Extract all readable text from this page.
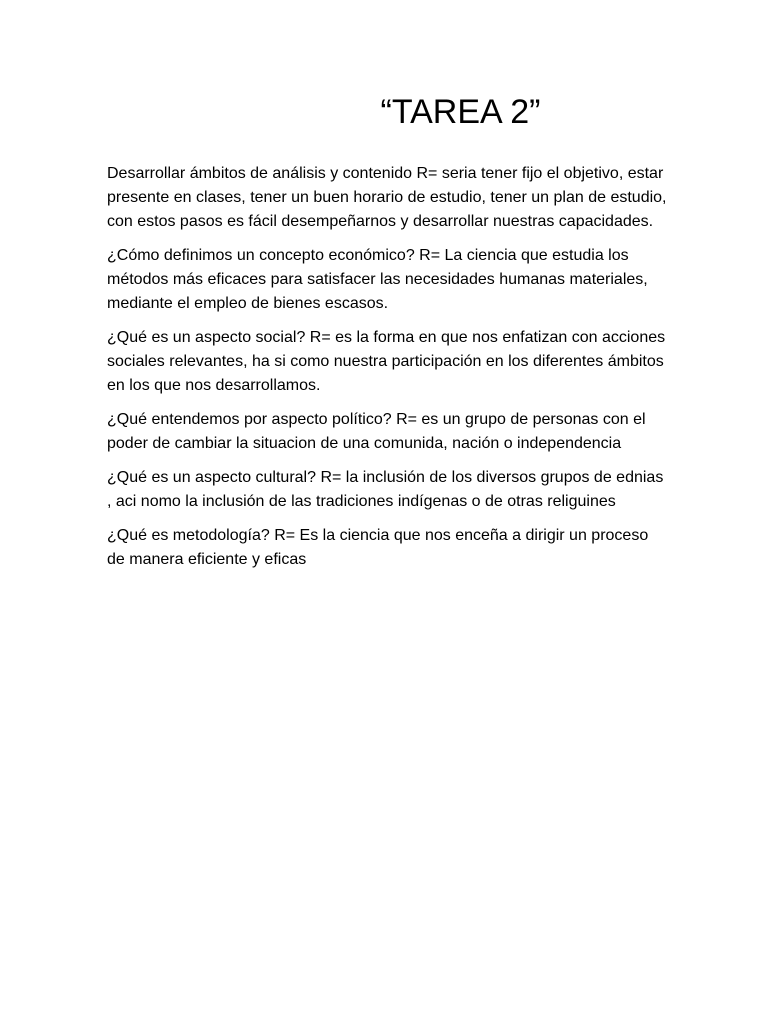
“TAREA 2”

Desarrollar ámbitos de análisis y contenido R= seria tener fijo el objetivo, estar presente en clases, tener un buen horario de estudio, tener un plan de estudio, con estos pasos es fácil desempeñarnos y desarrollar nuestras capacidades.

¿Cómo definimos un concepto económico? R= La ciencia que estudia los métodos más eficaces para satisfacer las necesidades humanas materiales, mediante el empleo de bienes escasos.

¿Qué es un aspecto social? R= es la forma en que nos enfatizan con acciones sociales relevantes, ha si como nuestra participación en los diferentes ámbitos en los que nos desarrollamos.

¿Qué entendemos por aspecto político? R= es un grupo de personas con el poder de cambiar la situacion de una comunida, nación o independencia

¿Qué es un aspecto cultural? R= la inclusión de los diversos grupos de ednias , aci nomo la inclusión de las tradiciones indígenas o de otras religuines

¿Qué es metodología? R= Es la ciencia que nos enceña a dirigir un proceso de manera eficiente y eficas
